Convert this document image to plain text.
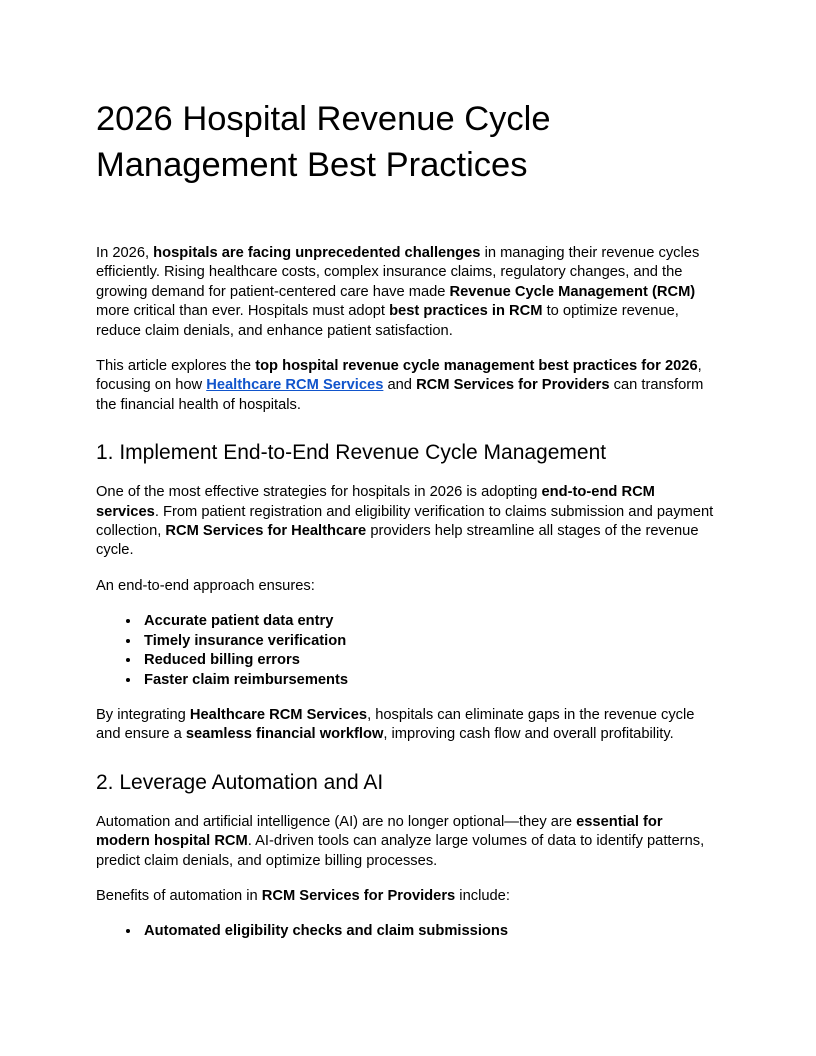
2026 Hospital Revenue Cycle Management Best Practices

In 2026, hospitals are facing unprecedented challenges in managing their revenue cycles efficiently. Rising healthcare costs, complex insurance claims, regulatory changes, and the growing demand for patient-centered care have made Revenue Cycle Management (RCM) more critical than ever. Hospitals must adopt best practices in RCM to optimize revenue, reduce claim denials, and enhance patient satisfaction.

This article explores the top hospital revenue cycle management best practices for 2026, focusing on how Healthcare RCM Services and RCM Services for Providers can transform the financial health of hospitals.

1. Implement End-to-End Revenue Cycle Management

One of the most effective strategies for hospitals in 2026 is adopting end-to-end RCM services. From patient registration and eligibility verification to claims submission and payment collection, RCM Services for Healthcare providers help streamline all stages of the revenue cycle.

An end-to-end approach ensures:

• Accurate patient data entry
• Timely insurance verification
• Reduced billing errors
• Faster claim reimbursements

By integrating Healthcare RCM Services, hospitals can eliminate gaps in the revenue cycle and ensure a seamless financial workflow, improving cash flow and overall profitability.

2. Leverage Automation and AI

Automation and artificial intelligence (AI) are no longer optional—they are essential for modern hospital RCM. AI-driven tools can analyze large volumes of data to identify patterns, predict claim denials, and optimize billing processes.

Benefits of automation in RCM Services for Providers include:

• Automated eligibility checks and claim submissions
